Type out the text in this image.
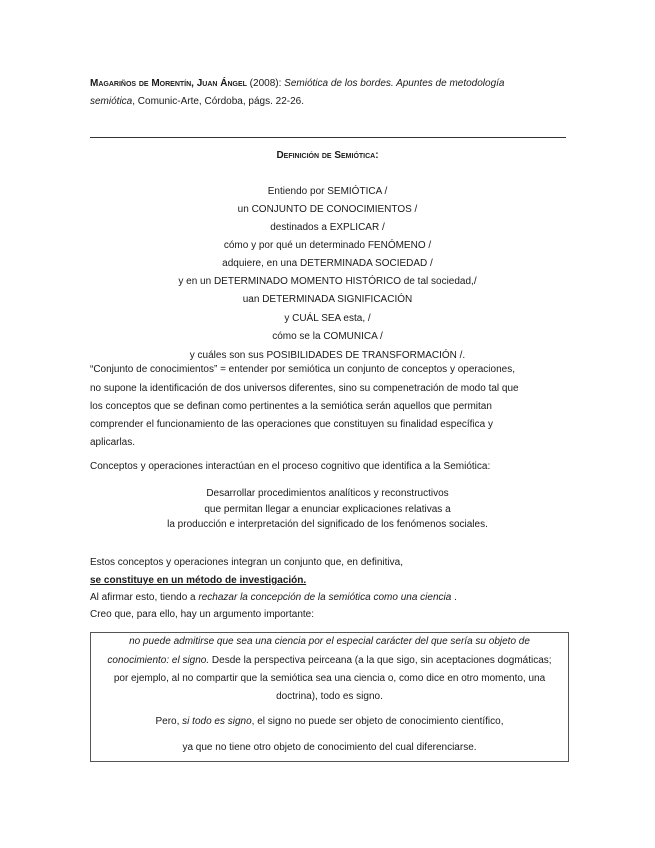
Magariños de Morentín, Juan Ángel (2008): Semiótica de los bordes. Apuntes de metodología
semiótica, Comunic-Arte, Córdoba, págs. 22-26.
Definición de Semiótica:
Entiendo por SEMIÓTICA /
un CONJUNTO DE CONOCIMIENTOS /
destinados a EXPLICAR /
cómo y por qué un determinado FENÓMENO /
adquiere, en una DETERMINADA SOCIEDAD /
y en un DETERMINADO MOMENTO HISTÓRICO de tal sociedad,/
uan DETERMINADA SIGNIFICACIÓN
y CUÁL SEA esta, /
cómo se la COMUNICA /
y cuáles son sus POSIBILIDADES DE TRANSFORMACIÓN /.
“Conjunto de conocimientos” = entender por semiótica un conjunto de conceptos y operaciones,
no supone la identificación de dos universos diferentes, sino su compenetración de modo tal que
los conceptos que se definan como pertinentes a la semiótica serán aquellos que permitan
comprender el funcionamiento de las operaciones que constituyen su finalidad específica y
aplicarlas.
Conceptos y operaciones interactúan en el proceso cognitivo que identifica a la Semiótica:
Desarrollar procedimientos analíticos y reconstructivos
que permitan llegar a enunciar explicaciones relativas a
la producción e interpretación del significado de los fenómenos sociales.
Estos conceptos y operaciones integran un conjunto que, en definitiva,
se constituye en un método de investigación.
Al afirmar esto, tiendo a rechazar la concepción de la semiótica como una ciencia .
Creo que, para ello, hay un argumento importante:
no puede admitirse que sea una ciencia por el especial carácter del que sería su objeto de
conocimiento: el signo. Desde la perspectiva peirceana (a la que sigo, sin aceptaciones dogmáticas;
por ejemplo, al no compartir que la semiótica sea una ciencia o, como dice en otro momento, una
doctrina), todo es signo.
Pero, si todo es signo, el signo no puede ser objeto de conocimiento científico,
ya que no tiene otro objeto de conocimiento del cual diferenciarse.
